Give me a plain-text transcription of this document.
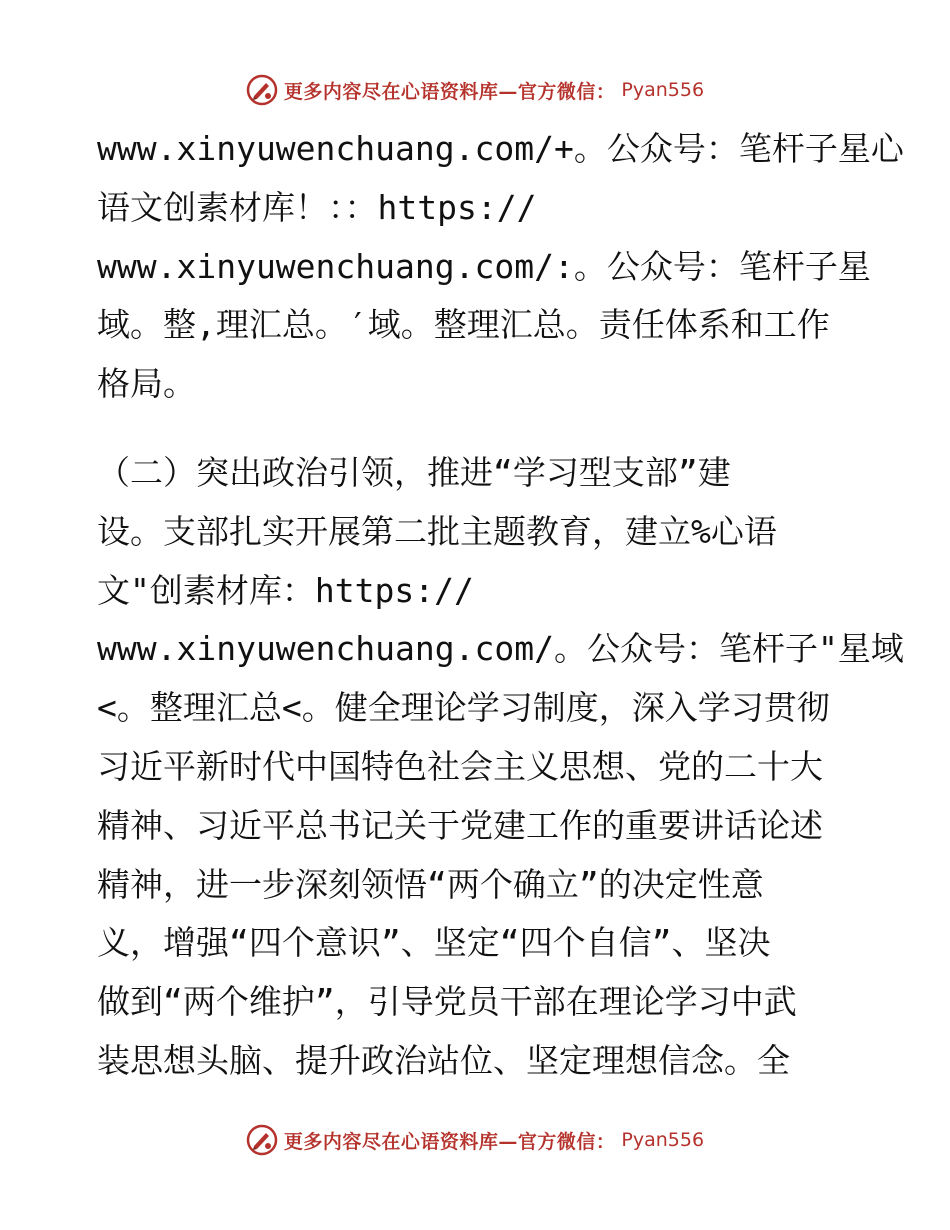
更多内容尽在心语资料库—官方微信： Pyan556
www.xinyuwenchuang.com/+。公众号：笔杆子星心
语文创素材库！：：https://
www.xinyuwenchuang.com/:。公众号：笔杆子星
域。整,理汇总。′域。整理汇总。责任体系和工作
格局。
（二）突出政治引领，推进“学习型支部”建
设。支部扎实开展第二批主题教育，建立%心语
文"创素材库：https://
www.xinyuwenchuang.com/。公众号：笔杆子"星域
<。整理汇总<。健全理论学习制度，深入学习贯彻
习近平新时代中国特色社会主义思想、党的二十大
精神、习近平总书记关于党建工作的重要讲话论述
精神，进一步深刻领悟“两个确立”的决定性意
义，增强“四个意识”、坚定“四个自信”、坚决
做到“两个维护”，引导党员干部在理论学习中武
装思想头脑、提升政治站位、坚定理想信念。全
更多内容尽在心语资料库—官方微信： Pyan556
